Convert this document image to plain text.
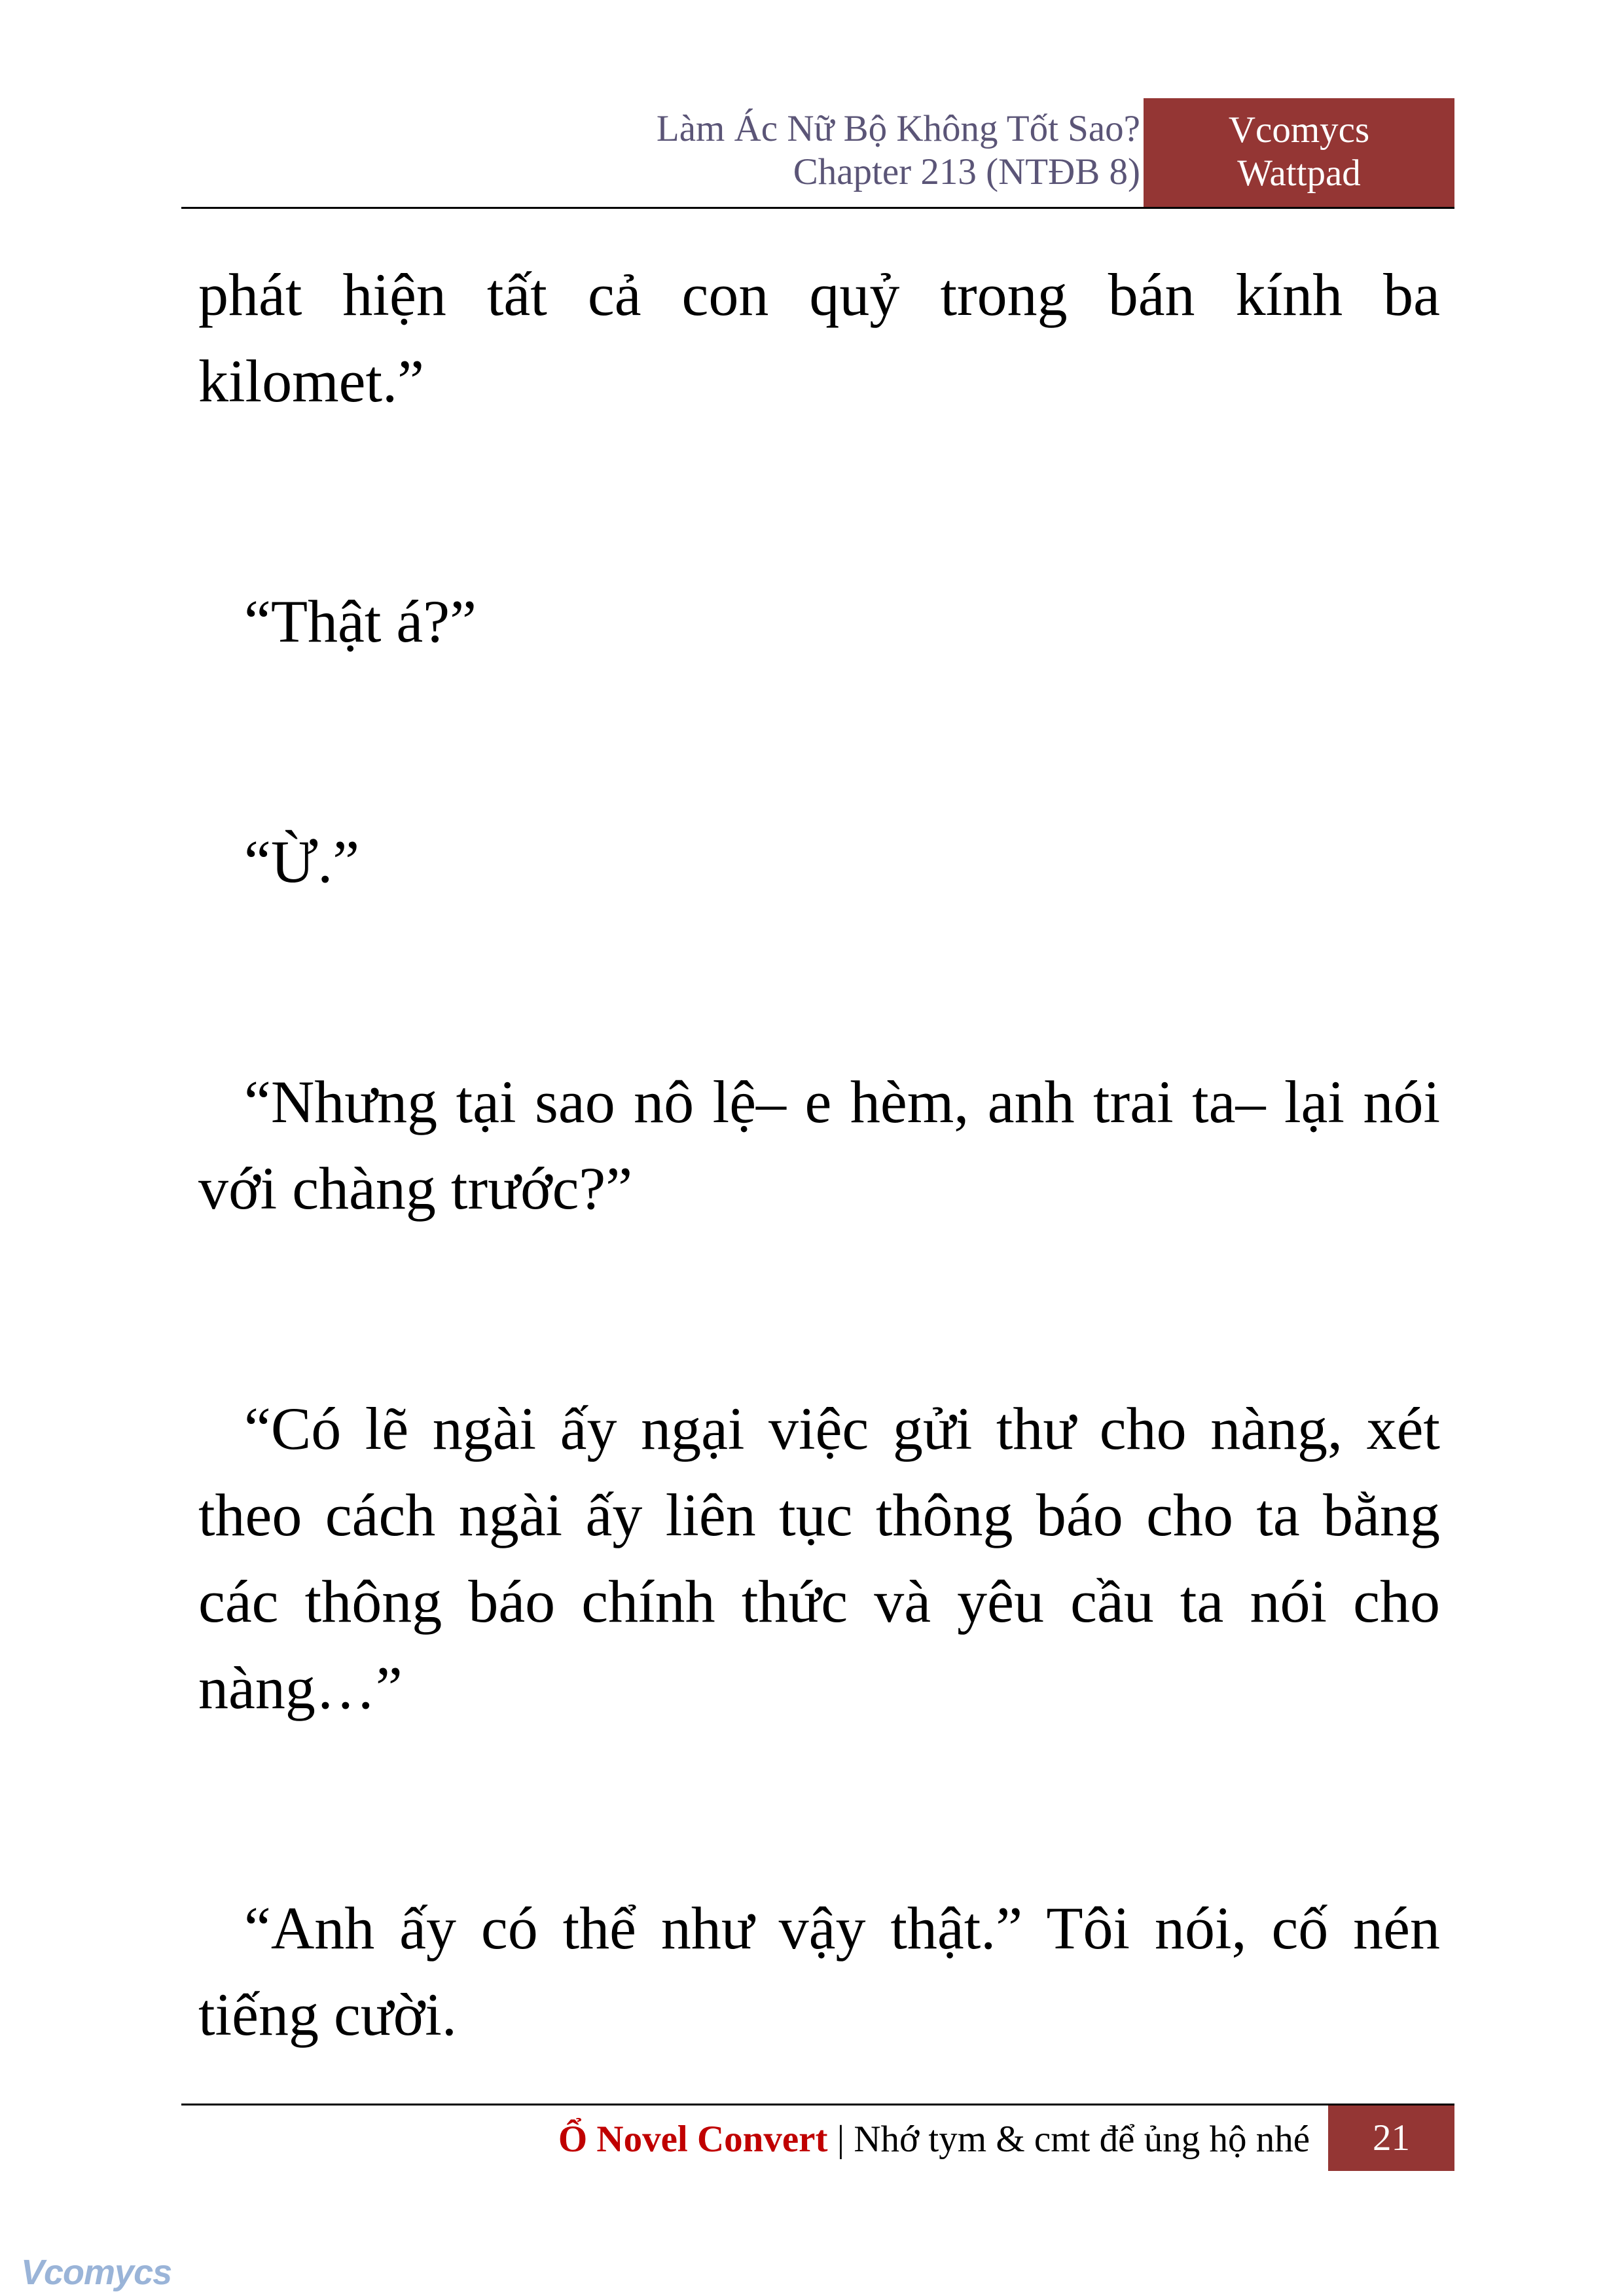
Làm Ác Nữ Bộ Không Tốt Sao?
Chapter 213 (NTĐB 8)
Vcomycs
Wattpad

phát hiện tất cả con quỷ trong bán kính ba kilomet.”

“Thật á?”

“Ừ.”

“Nhưng tại sao nô lệ– e hèm, anh trai ta– lại nói với chàng trước?”

“Có lẽ ngài ấy ngại việc gửi thư cho nàng, xét theo cách ngài ấy liên tục thông báo cho ta bằng các thông báo chính thức và yêu cầu ta nói cho nàng…”

“Anh ấy có thể như vậy thật.” Tôi nói, cố nén tiếng cười.

Ổ Novel Convert | Nhớ tym & cmt để ủng hộ nhé	21
Vcomycs
